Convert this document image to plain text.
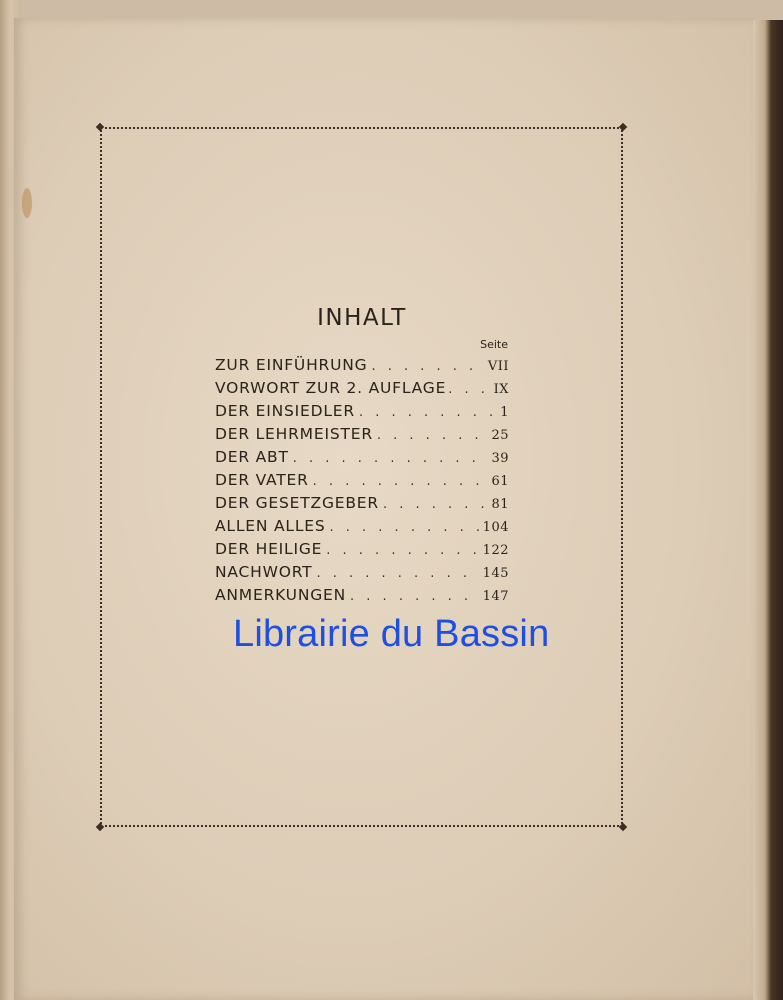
INHALT
Seite
ZUR EINFÜHRUNG . . .	VII
VORWORT ZUR 2. AUFLAGE . . .	IX
DER EINSIEDLER . . .	1
DER LEHRMEISTER . . .	25
DER ABT . . .	39
DER VATER . . .	61
DER GESETZGEBER . . .	81
ALLEN ALLES . . .	104
DER HEILIGE . . .	122
NACHWORT . . .	145
ANMERKUNGEN . . .	147
Librairie du Bassin
